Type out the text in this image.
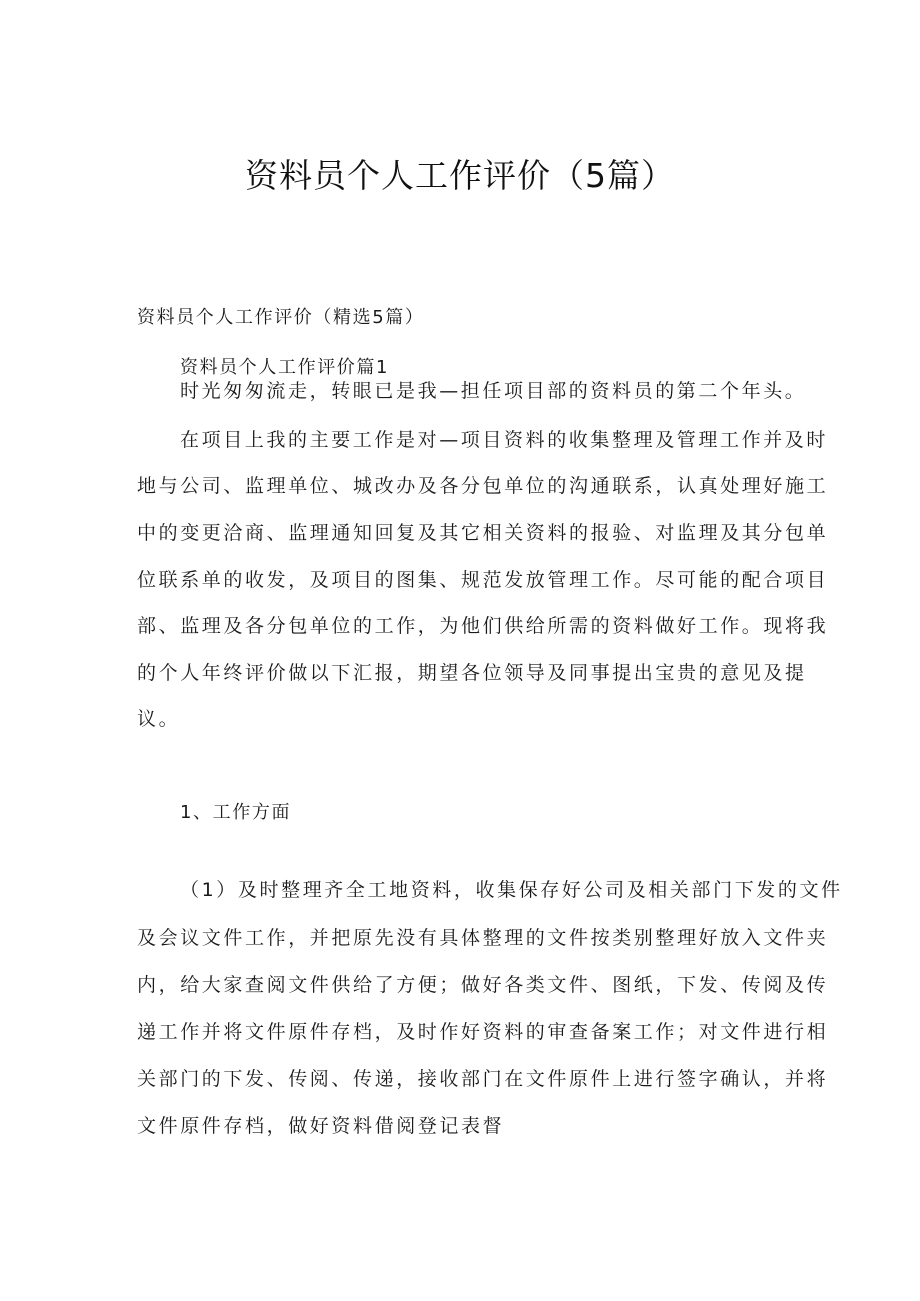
资料员个人工作评价（5篇）
资料员个人工作评价（精选5篇）
资料员个人工作评价篇1
时光匆匆流走，转眼已是我—担任项目部的资料员的第二个年头。
在项目上我的主要工作是对—项目资料的收集整理及管理工作并及时
地与公司、监理单位、城改办及各分包单位的沟通联系，认真处理好施工
中的变更洽商、监理通知回复及其它相关资料的报验、对监理及其分包单
位联系单的收发，及项目的图集、规范发放管理工作。尽可能的配合项目
部、监理及各分包单位的工作，为他们供给所需的资料做好工作。现将我
的个人年终评价做以下汇报，期望各位领导及同事提出宝贵的意见及提
议。
1、工作方面
（1）及时整理齐全工地资料，收集保存好公司及相关部门下发的文件
及会议文件工作，并把原先没有具体整理的文件按类别整理好放入文件夹
内，给大家查阅文件供给了方便；做好各类文件、图纸，下发、传阅及传
递工作并将文件原件存档，及时作好资料的审查备案工作；对文件进行相
关部门的下发、传阅、传递，接收部门在文件原件上进行签字确认，并将
文件原件存档，做好资料借阅登记表督
